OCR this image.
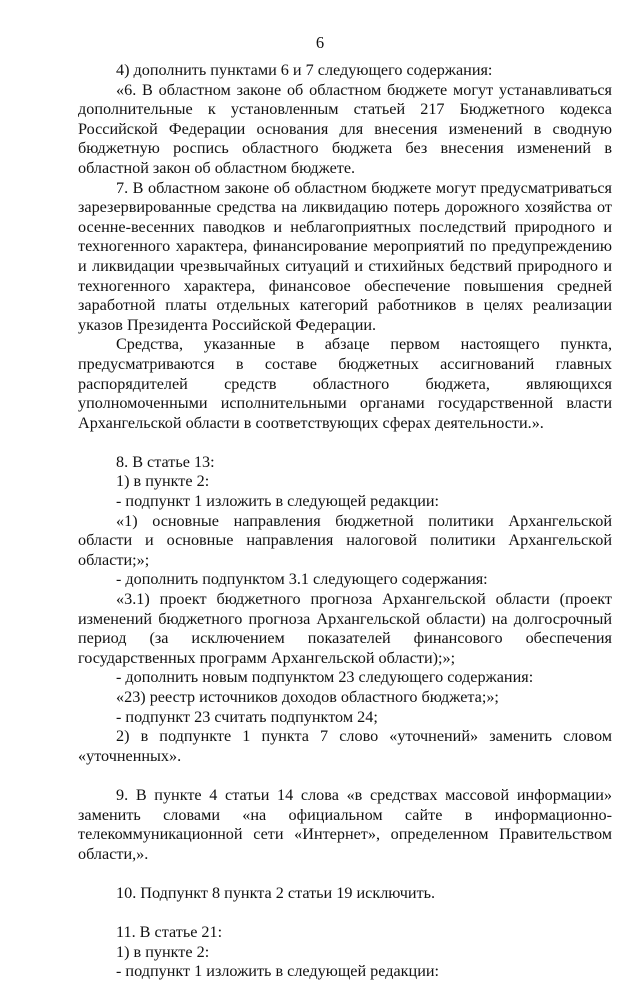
6

4) дополнить пунктами 6 и 7 следующего содержания:

«6. В областном законе об областном бюджете могут устанавливаться дополнительные к установленным статьей 217 Бюджетного кодекса Российской Федерации основания для внесения изменений в сводную бюджетную роспись областного бюджета без внесения изменений в областной закон об областном бюджете.

7. В областном законе об областном бюджете могут предусматриваться зарезервированные средства на ликвидацию потерь дорожного хозяйства от осенне-весенних паводков и неблагоприятных последствий природного и техногенного характера, финансирование мероприятий по предупреждению и ликвидации чрезвычайных ситуаций и стихийных бедствий природного и техногенного характера, финансовое обеспечение повышения средней заработной платы отдельных категорий работников в целях реализации указов Президента Российской Федерации.

Средства, указанные в абзаце первом настоящего пункта, предусматриваются в составе бюджетных ассигнований главных распорядителей средств областного бюджета, являющихся уполномоченными исполнительными органами государственной власти Архангельской области в соответствующих сферах деятельности.».

8. В статье 13:

1) в пункте 2:

- подпункт 1 изложить в следующей редакции:

«1) основные направления бюджетной политики Архангельской области и основные направления налоговой политики Архангельской области;»;

- дополнить подпунктом 3.1 следующего содержания:

«3.1) проект бюджетного прогноза Архангельской области (проект изменений бюджетного прогноза Архангельской области) на долгосрочный период (за исключением показателей финансового обеспечения государственных программ Архангельской области);»;

- дополнить новым подпунктом 23 следующего содержания:

«23) реестр источников доходов областного бюджета;»;

- подпункт 23 считать подпунктом 24;

2) в подпункте 1 пункта 7 слово «уточнений» заменить словом «уточненных».

9. В пункте 4 статьи 14 слова «в средствах массовой информации» заменить словами «на официальном сайте в информационно-телекоммуникационной сети «Интернет», определенном Правительством области,».

10. Подпункт 8 пункта 2 статьи 19 исключить.

11. В статье 21:

1) в пункте 2:

- подпункт 1 изложить в следующей редакции:
